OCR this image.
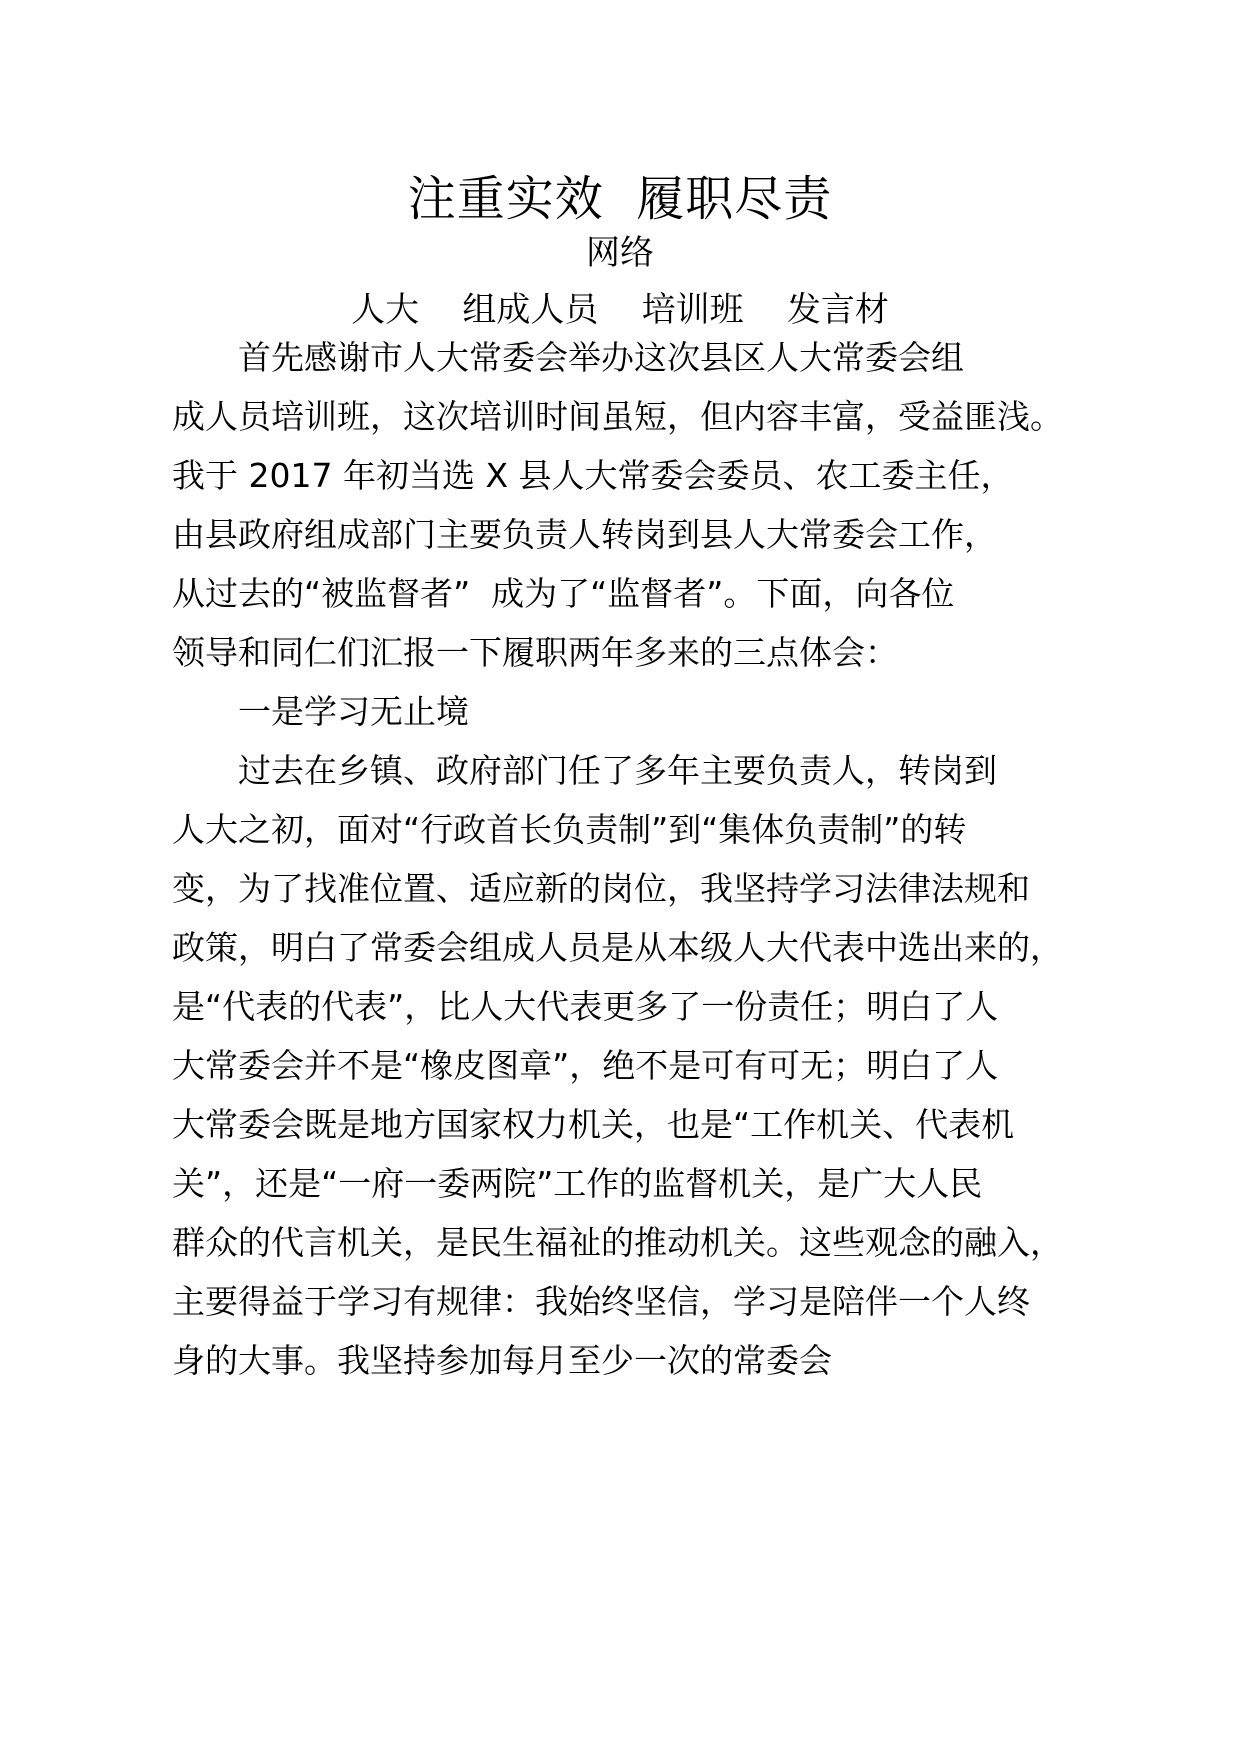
注重实效  履职尽责
网络
人大    组成人员    培训班    发言材
首先感谢市人大常委会举办这次县区人大常委会组
成人员培训班，这次培训时间虽短，但内容丰富，受益匪浅。
我于 2017 年初当选 X 县人大常委会委员、农工委主任，
由县政府组成部门主要负责人转岗到县人大常委会工作，
从过去的“被监督者”  成为了“监督者”。下面，向各位
领导和同仁们汇报一下履职两年多来的三点体会：
一是学习无止境
过去在乡镇、政府部门任了多年主要负责人，转岗到
人大之初，面对“行政首长负责制”到“集体负责制”的转
变，为了找准位置、适应新的岗位，我坚持学习法律法规和
政策，明白了常委会组成人员是从本级人大代表中选出来的，
是“代表的代表”，比人大代表更多了一份责任；明白了人
大常委会并不是“橡皮图章”，绝不是可有可无；明白了人
大常委会既是地方国家权力机关，也是“工作机关、代表机
关”，还是“一府一委两院”工作的监督机关，是广大人民
群众的代言机关，是民生福祉的推动机关。这些观念的融入，
主要得益于学习有规律：我始终坚信，学习是陪伴一个人终
身的大事。我坚持参加每月至少一次的常委会
